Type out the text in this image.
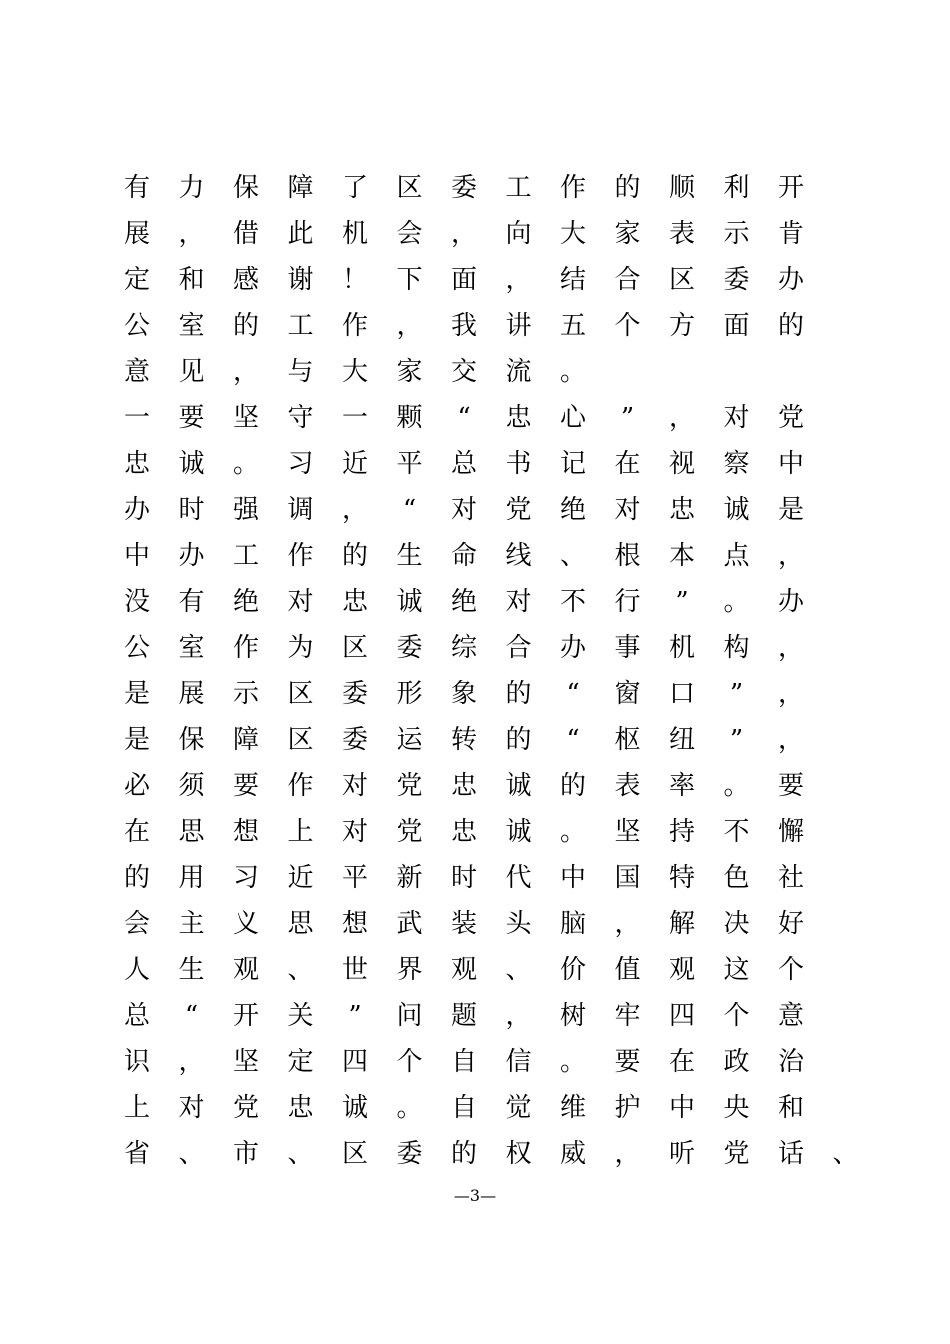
有 力 保 障 了 区 委 工 作 的 顺 利 开
展 ， 借 此 机 会 ， 向 大 家 表 示 肯
定 和 感 谢 ！ 下 面 ， 结 合 区 委 办
公 室 的 工 作 ， 我 讲 五 个 方 面 的
意 见 ， 与 大 家 交 流 。
一 要 坚 守 一 颗	“	忠 心	”	， 对 党
忠 诚 。 习 近 平 总 书 记 在 视 察 中
办 时 强 调 ，	“	对 党 绝 对 忠 诚 是
中 办 工 作 的 生 命 线 、 根 本 点 ，
没 有 绝 对 忠 诚 绝 对 不 行	”	。 办
公 室 作 为 区 委 综 合 办 事 机 构 ，
是 展 示 区 委 形 象 的	“	窗 口	”	，
是 保 障 区 委 运 转 的	“	枢 纽	”	，
必 须 要 作 对 党 忠 诚 的 表 率 。 要
在 思 想 上 对 党 忠 诚 。 坚 持 不 懈
的 用 习 近 平 新 时 代 中 国 特 色 社
会 主 义 思 想 武 装 头 脑 ， 解 决 好
人 生 观 、 世 界 观 、 价 值 观 这 个
总	“	开 关	”	问 题 ， 树 牢 四 个 意
识 ， 坚 定 四 个 自 信 。 要 在 政 治
上 对 党 忠 诚 。 自 觉 维 护 中 央 和
省 、 市 、 区 委 的 权 威 ， 听 党 话 、
—3—
